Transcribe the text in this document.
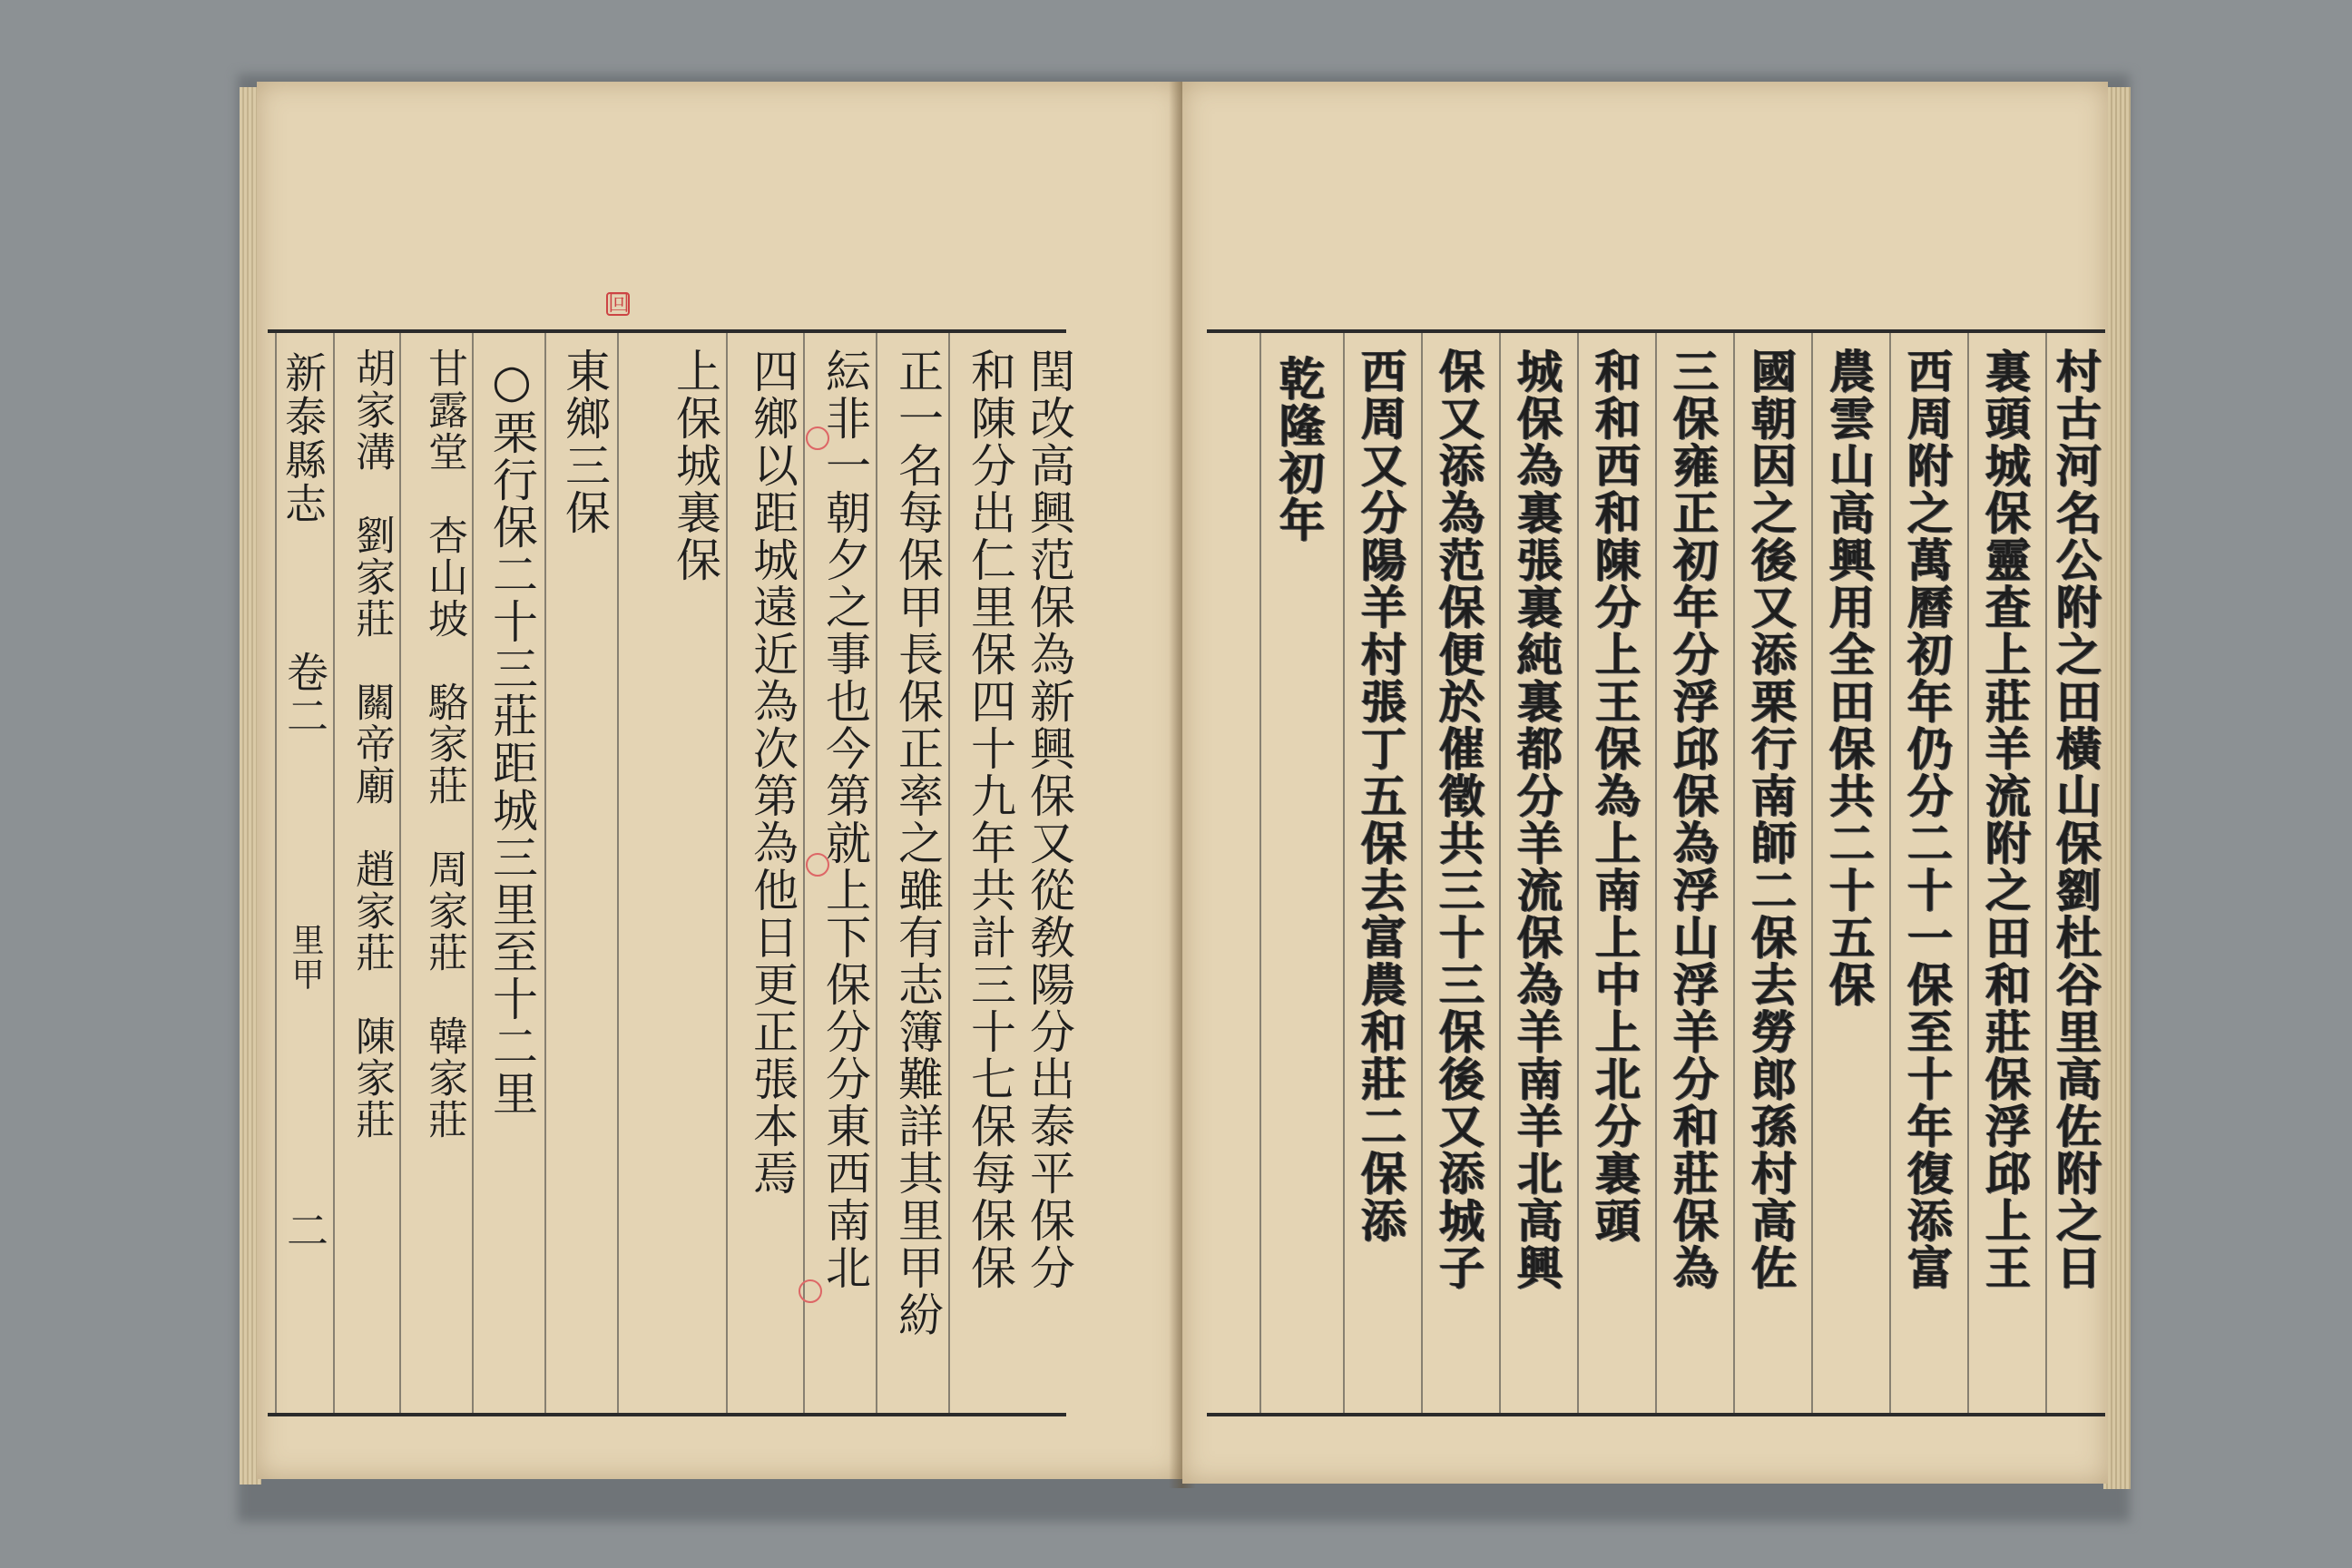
回
新泰縣志
卷二
里甲
二
胡家溝　劉家莊　關帝廟　趙家莊　陳家莊 甘露堂　杏山坡　駱家莊　周家莊　韓家莊 ○栗行保二十三莊距城三里至十二里 東鄉三保 上保城裏保 四鄉以距城遠近為次第為他日更正張本焉 紜非一朝夕之事也今第就上下保分分東西南北 正一名每保甲長保正率之雖有志簿難詳其里甲紛 和陳分出仁里保四十九年共計三十七保每保保 閏改高興范保為新興保又從敎陽分出泰平保分	乾隆初年 西周又分陽羊村張丁五保去富農和莊二保添 保又添為范保便於催徵共三十三保後又添城子 城保為裏張裏純裏都分羊流保為羊南羊北高興 和和西和陳分上王保為上南上中上北分裏頭 三保雍正初年分浮邱保為浮山浮羊分和莊保為 國朝因之後又添栗行南師二保去勞郎孫村高佐 農雲山高興用全田保共二十五保 西周附之萬曆初年仍分二十一保至十年復添富 裏頭城保靈査上莊羊流附之田和莊保浮邱上王 村古河名公附之田橫山保劉杜谷里高佐附之日
